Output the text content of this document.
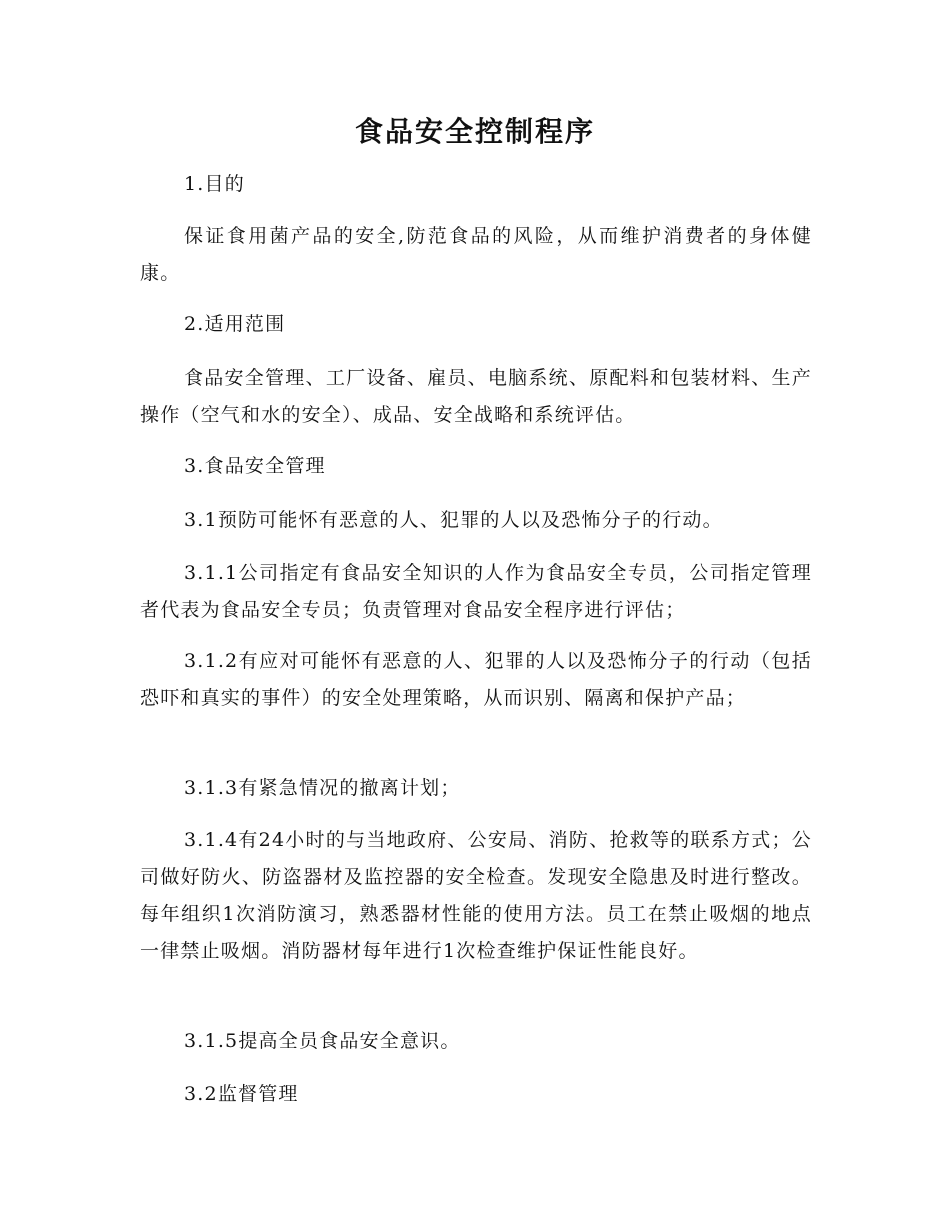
食品安全控制程序
1.目的
保证食用菌产品的安全,防范食品的风险，从而维护消费者的身体健康。
2.适用范围
食品安全管理、工厂设备、雇员、电脑系统、原配料和包装材料、生产操作（空气和水的安全）、成品、安全战略和系统评估。
3.食品安全管理
3.1预防可能怀有恶意的人、犯罪的人以及恐怖分子的行动。
3.1.1公司指定有食品安全知识的人作为食品安全专员，公司指定管理者代表为食品安全专员；负责管理对食品安全程序进行评估；
3.1.2有应对可能怀有恶意的人、犯罪的人以及恐怖分子的行动（包括恐吓和真实的事件）的安全处理策略，从而识别、隔离和保护产品；
3.1.3有紧急情况的撤离计划；
3.1.4有24小时的与当地政府、公安局、消防、抢救等的联系方式；公司做好防火、防盗器材及监控器的安全检查。发现安全隐患及时进行整改。每年组织1次消防演习，熟悉器材性能的使用方法。员工在禁止吸烟的地点一律禁止吸烟。消防器材每年进行1次检查维护保证性能良好。
3.1.5提高全员食品安全意识。
3.2监督管理
